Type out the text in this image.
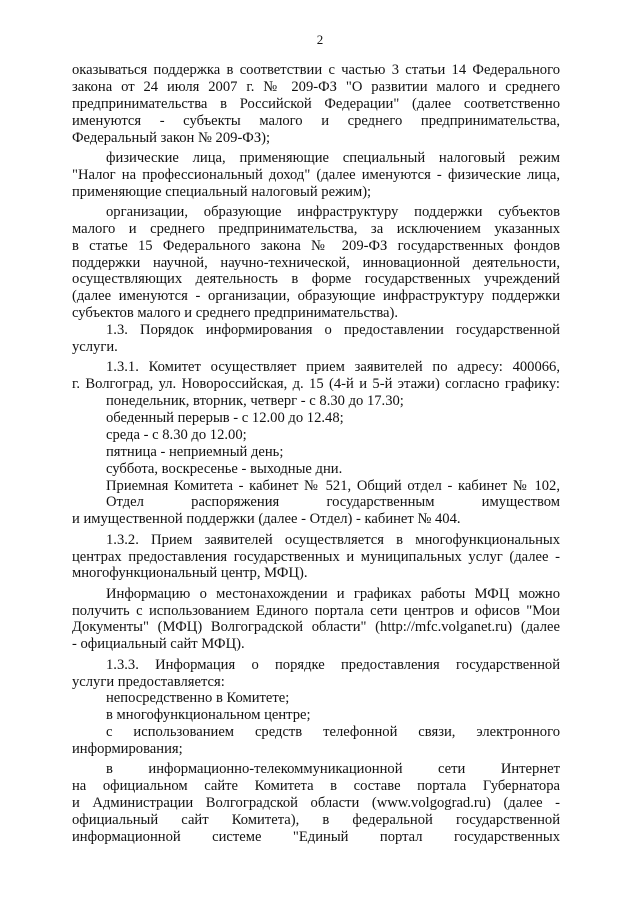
2
оказываться поддержка в соответствии с частью 3 статьи 14 Федерального
закона от 24 июля 2007 г. № 209-ФЗ "О развитии малого и среднего
предпринимательства в Российской Федерации" (далее соответственно
именуются - субъекты малого и среднего предпринимательства,
Федеральный закон № 209-ФЗ);
физические лица, применяющие специальный налоговый режим
"Налог на профессиональный доход" (далее именуются - физические лица,
применяющие специальный налоговый режим);
организации, образующие инфраструктуру поддержки субъектов
малого и среднего предпринимательства, за исключением указанных
в статье 15 Федерального закона № 209-ФЗ государственных фондов
поддержки научной, научно-технической, инновационной деятельности,
осуществляющих деятельность в форме государственных учреждений
(далее именуются - организации, образующие инфраструктуру поддержки
субъектов малого и среднего предпринимательства).
1.3. Порядок информирования о предоставлении государственной
услуги.
1.3.1. Комитет осуществляет прием заявителей по адресу: 400066,
г. Волгоград, ул. Новороссийская, д. 15 (4-й и 5-й этажи) согласно графику:
понедельник, вторник, четверг - с 8.30 до 17.30;
обеденный перерыв - с 12.00 до 12.48;
среда - с 8.30 до 12.00;
пятница - неприемный день;
суббота, воскресенье - выходные дни.
Приемная Комитета - кабинет № 521, Общий отдел - кабинет № 102,
Отдел распоряжения государственным имуществом
и имущественной поддержки (далее - Отдел) - кабинет № 404.
1.3.2. Прием заявителей осуществляется в многофункциональных
центрах предоставления государственных и муниципальных услуг (далее -
многофункциональный центр, МФЦ).
Информацию о местонахождении и графиках работы МФЦ можно
получить с использованием Единого портала сети центров и офисов "Мои
Документы" (МФЦ) Волгоградской области" (http://mfc.volganet.ru) (далее
- официальный сайт МФЦ).
1.3.3. Информация о порядке предоставления государственной
услуги предоставляется:
непосредственно в Комитете;
в многофункциональном центре;
с использованием средств телефонной связи, электронного
информирования;
в информационно-телекоммуникационной сети Интернет
на официальном сайте Комитета в составе портала Губернатора
и Администрации Волгоградской области (www.volgograd.ru) (далее -
официальный сайт Комитета), в федеральной государственной
информационной системе "Единый портал государственных
